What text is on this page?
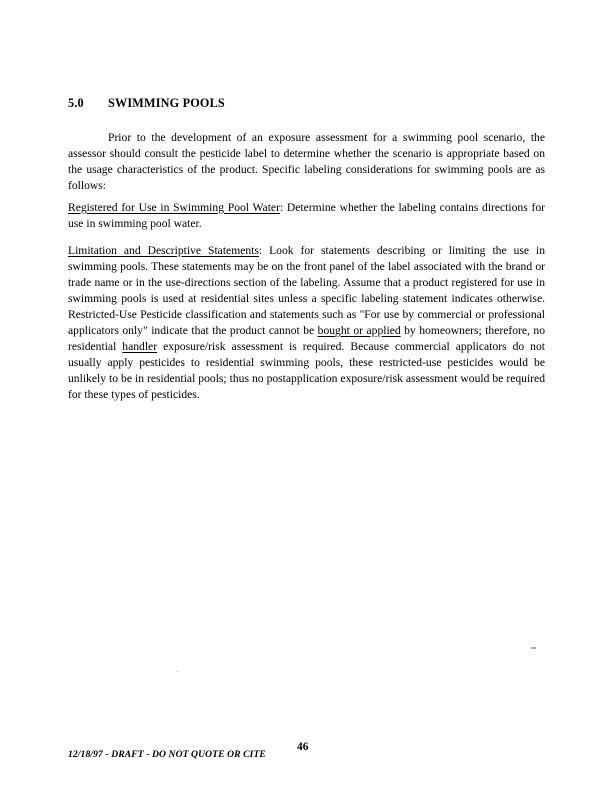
5.0 SWIMMING POOLS

Prior to the development of an exposure assessment for a swimming pool scenario, the assessor should consult the pesticide label to determine whether the scenario is appropriate based on the usage characteristics of the product. Specific labeling considerations for swimming pools are as follows:

Registered for Use in Swimming Pool Water: Determine whether the labeling contains directions for use in swimming pool water.

Limitation and Descriptive Statements: Look for statements describing or limiting the use in swimming pools. These statements may be on the front panel of the label associated with the brand or trade name or in the use-directions section of the labeling. Assume that a product registered for use in swimming pools is used at residential sites unless a specific labeling statement indicates otherwise. Restricted-Use Pesticide classification and statements such as "For use by commercial or professional applicators only" indicate that the product cannot be bought or applied by homeowners; therefore, no residential handler exposure/risk assessment is required. Because commercial applicators do not usually apply pesticides to residential swimming pools, these restricted-use pesticides would be unlikely to be in residential pools; thus no postapplication exposure/risk assessment would be required for these types of pesticides.

12/18/97 - DRAFT - DO NOT QUOTE OR CITE
46
